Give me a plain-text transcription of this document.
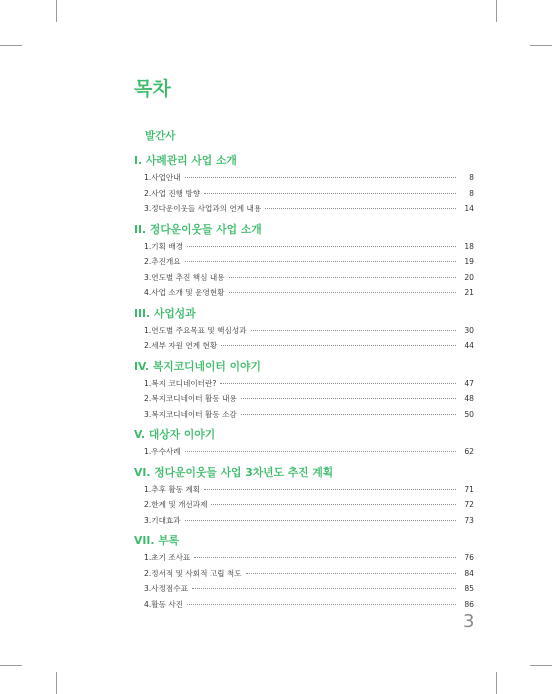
목차
발간사
I. 사례관리 사업 소개
1.사업안내	8
2.사업 진행 방향	8
3.정다운이웃들 사업과의 연계 내용	14
II. 정다운이웃들 사업 소개
1.기획 배경	18
2.추진개요	19
3.연도별 추진 핵심 내용	20
4.사업 소개 및 운영현황	21
III. 사업성과
1.연도별 주요목표 및 핵심성과	30
2.세부 자원 연계 현황	44
IV. 복지코디네이터 이야기
1.복지 코디네이터란?	47
2.복지코디네이터 활동 내용	48
3.복지코디네이터 활동 소감	50
V. 대상자 이야기
1.우수사례	62
VI. 정다운이웃들 사업 3차년도 추진 계획
1.추후 활동 계획	71
2.한계 및 개선과제	72
3.기대효과	73
VII. 부록
1.초기 조사표	76
2.정서적 및 사회적 고립 척도	84
3.사정점수표	85
4.활동 사진	86
3
